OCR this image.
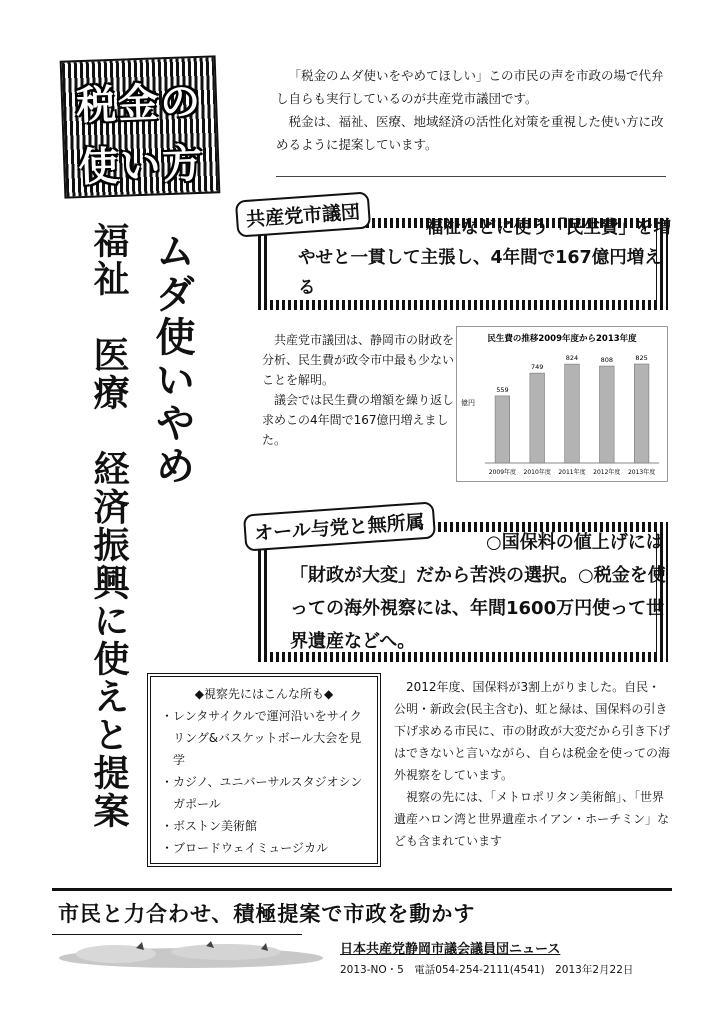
税金の
使い方

「税金のムダ使いをやめてほしい」この市民の声を市政の場で代弁し自らも実行しているのが共産党市議団です。

税金は、福祉、医療、地域経済の活性化対策を重視した使い方に改めるように提案しています。

ムダ使いやめ
福祉　医療　経済振興に使えと提案
共産党市議団	福祉などに使う「民生費」を増やせと一貫して主張し、4年間で167億円増える

共産党市議団は、静岡市の財政を分析、民生費が政令市中最も少ないことを解明。

議会では民生費の増額を繰り返し求めこの4年間で167億円増えました。

民生費の推移2009年度から2013年度
億円
559
2009年度
749
2010年度
824
2011年度
808
2012年度
825
2013年度
オール与党と無所属	○国保料の値上げには「財政が大変」だから苦渋の選択。○税金を使っての海外視察には、年間1600万円使って世界遺産などへ。
◆視察先にはこんな所も◆
・レンタサイクルで運河沿いをサイクリング&バスケットボール大会を見学
・カジノ、ユニバーサルスタジオシンガポール
・ボストン美術館
・ブロードウェイミュージカル

2012年度、国保料が3割上がりました。自民・公明・新政会(民主含む)、虹と緑は、国保料の引き下げ求める市民に、市の財政が大変だから引き下げはできないと言いながら、自らは税金を使っての海外視察をしています。

視察の先には、「メトロポリタン美術館」、「世界遺産ハロン湾と世界遺産ホイアン・ホーチミン」なども含まれています

市民と力合わせ、積極提案で市政を動かす
日本共産党静岡市議会議員団ニュース
2013-NO・5　電話054-254-2111(4541)　2013年2月22日
